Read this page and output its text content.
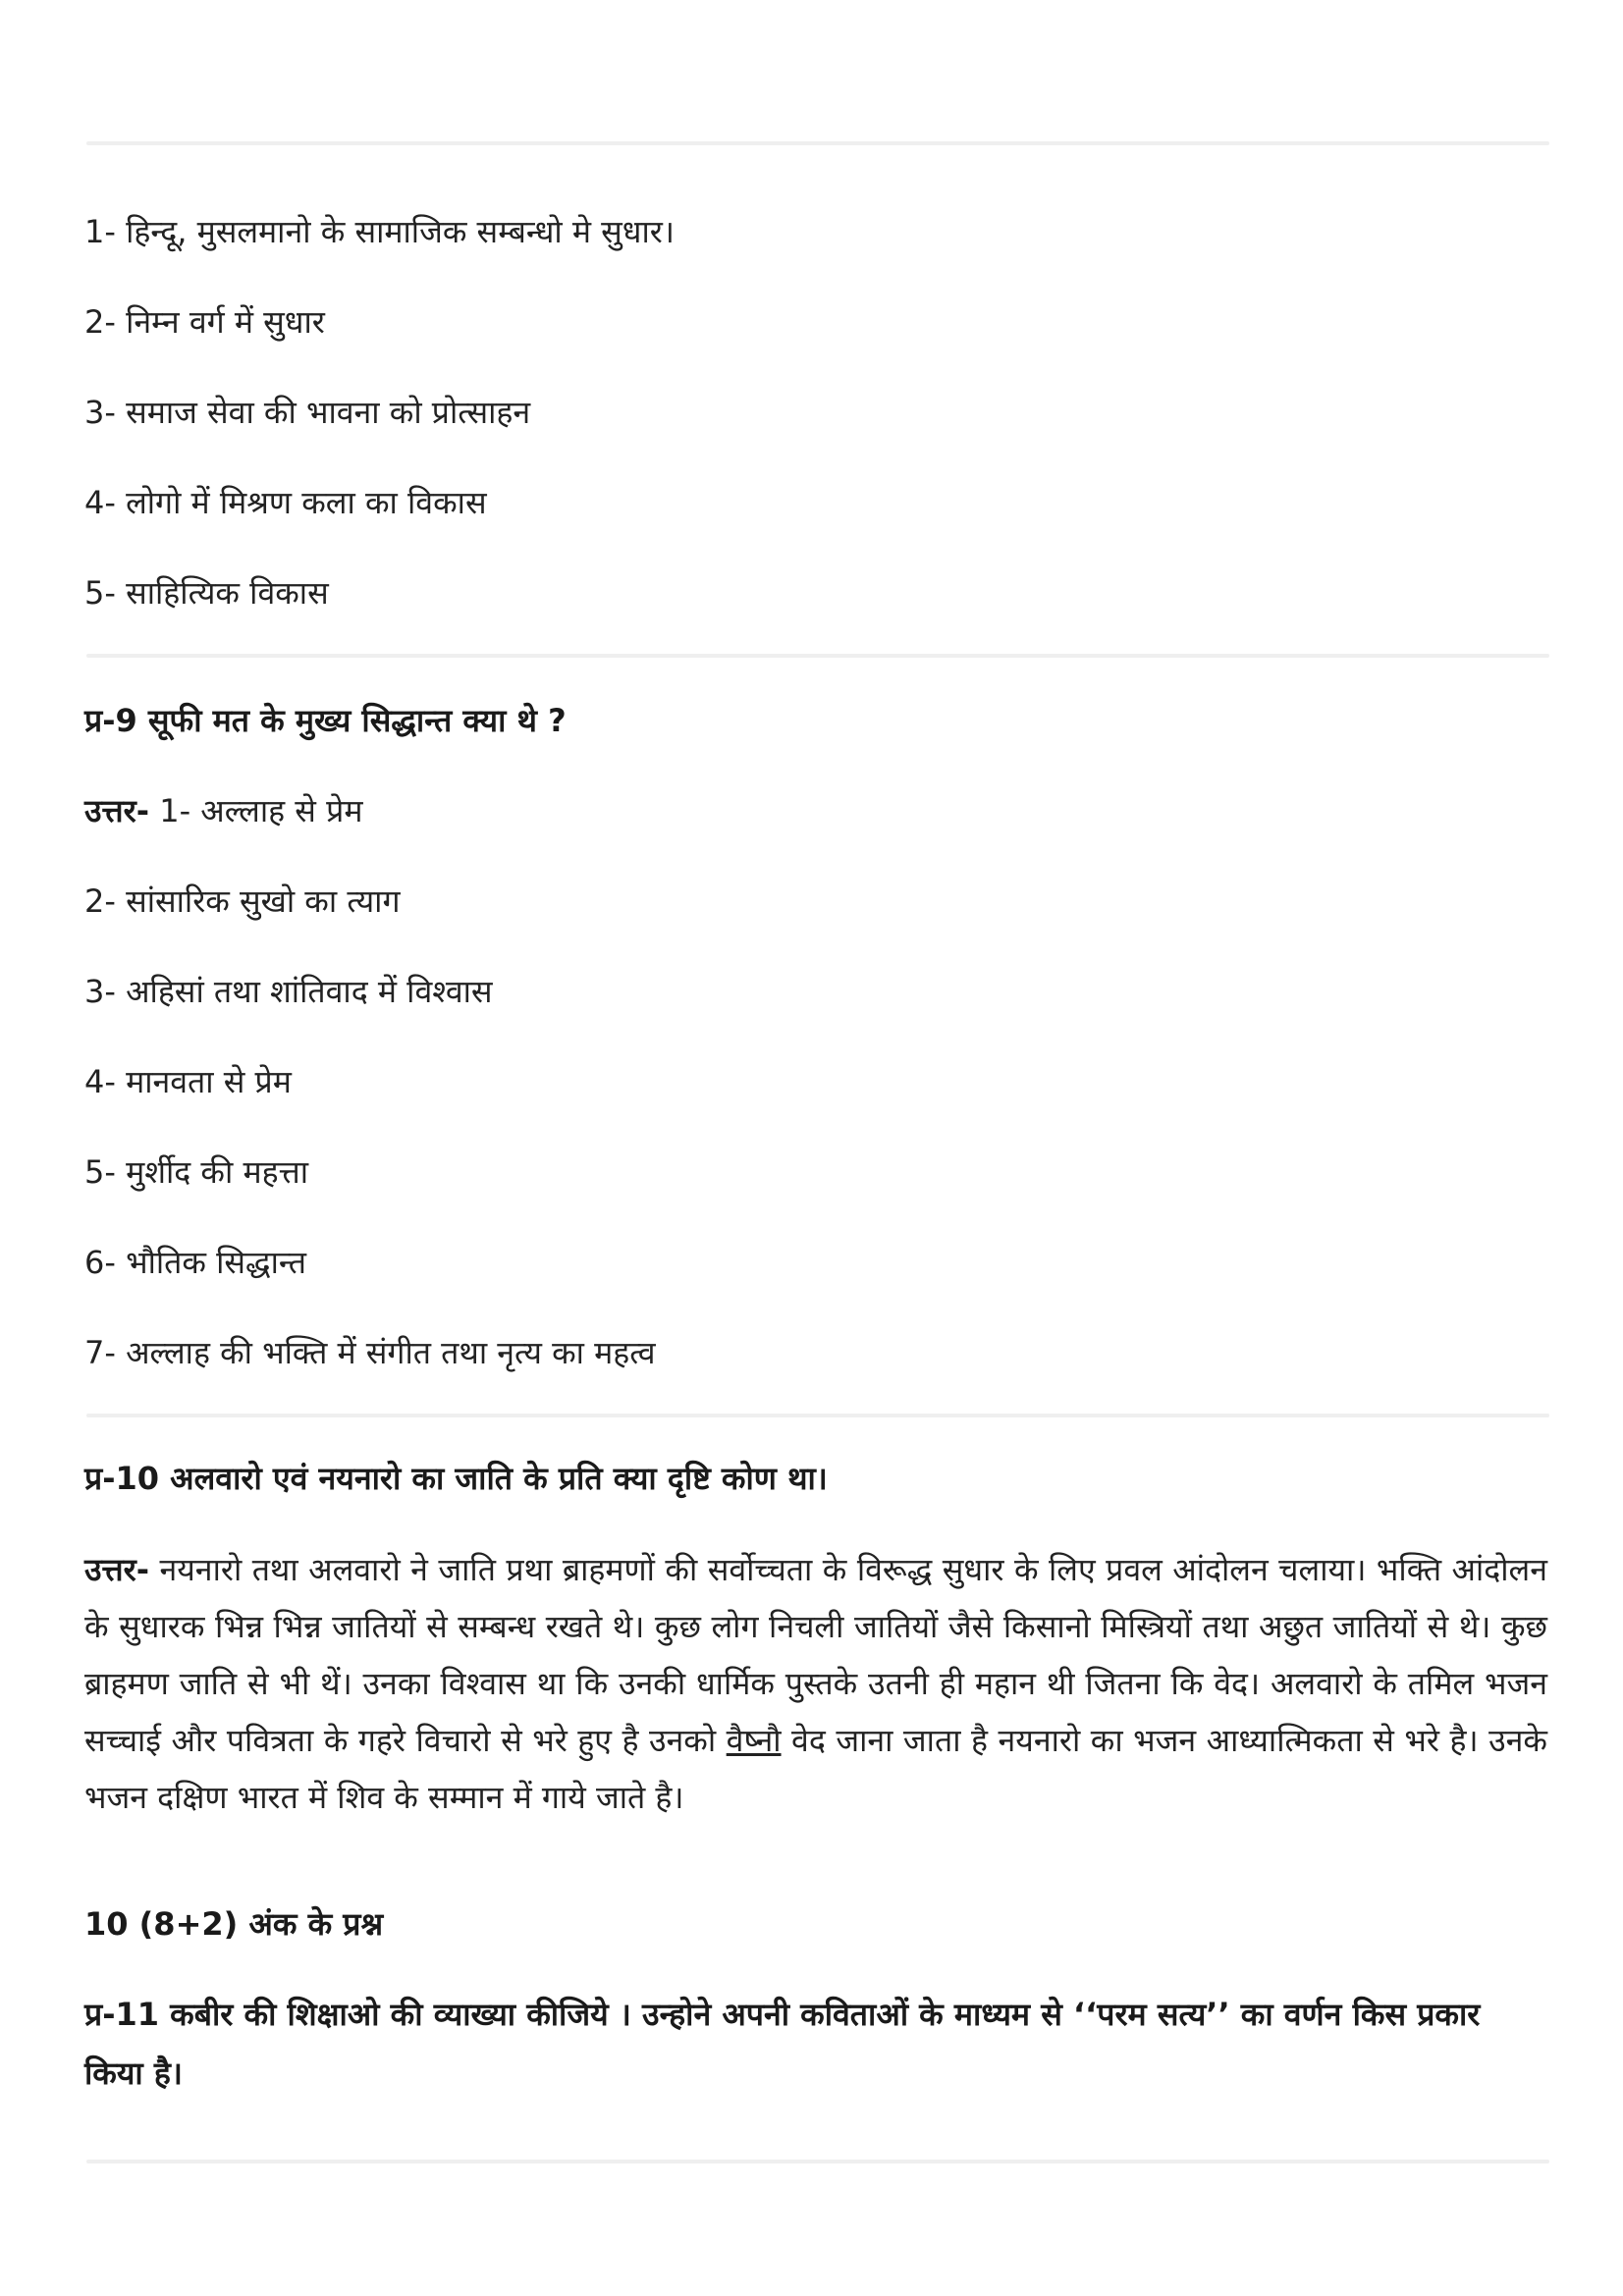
1- हिन्दू, मुसलमानो के सामाजिक सम्बन्धो मे सुधार।
2- निम्न वर्ग में सुधार
3- समाज सेवा की भावना को प्रोत्साहन
4- लोगो में मिश्रण कला का विकास
5- साहित्यिक विकास
प्र-9 सूफी मत के मुख्य सिद्धान्त क्या थे ?
उत्तर- 1- अल्लाह से प्रेम
2- सांसारिक सुखो का त्याग
3- अहिसां तथा शांतिवाद में विश्वास
4- मानवता से प्रेम
5- मुर्शीद की महत्ता
6- भौतिक सिद्धान्त
7- अल्लाह की भक्ति में संगीत तथा नृत्य का महत्व
प्र-10 अलवारो एवं नयनारो का जाति के प्रति क्या दृष्टि कोण था।
उत्तर- नयनारो तथा अलवारो ने जाति प्रथा ब्राहमणों की सर्वोच्चता के विरूद्ध सुधार के लिए प्रवल आंदोलन चलाया। भक्ति आंदोलन के सुधारक भिन्न भिन्न जातियों से सम्बन्ध रखते थे। कुछ लोग निचली जातियों जैसे किसानो मिस्त्रियों तथा अछुत जातियों से थे। कुछ ब्राहमण जाति से भी थें। उनका विश्वास था कि उनकी धार्मिक पुस्तके उतनी ही महान थी जितना कि वेद। अलवारो के तमिल भजन सच्चाई और पवित्रता के गहरे विचारो से भरे हुए है उनको वैष्नौ वेद जाना जाता है नयनारो का भजन आध्यात्मिकता से भरे है। उनके भजन दक्षिण भारत में शिव के सम्मान में गाये जाते है।
10 (8+2) अंक के प्रश्न
प्र-11 कबीर की शिक्षाओ की व्याख्या कीजिये । उन्होने अपनी कविताओं के माध्यम से ‘‘परम सत्य’’ का वर्णन किस प्रकार किया है।
